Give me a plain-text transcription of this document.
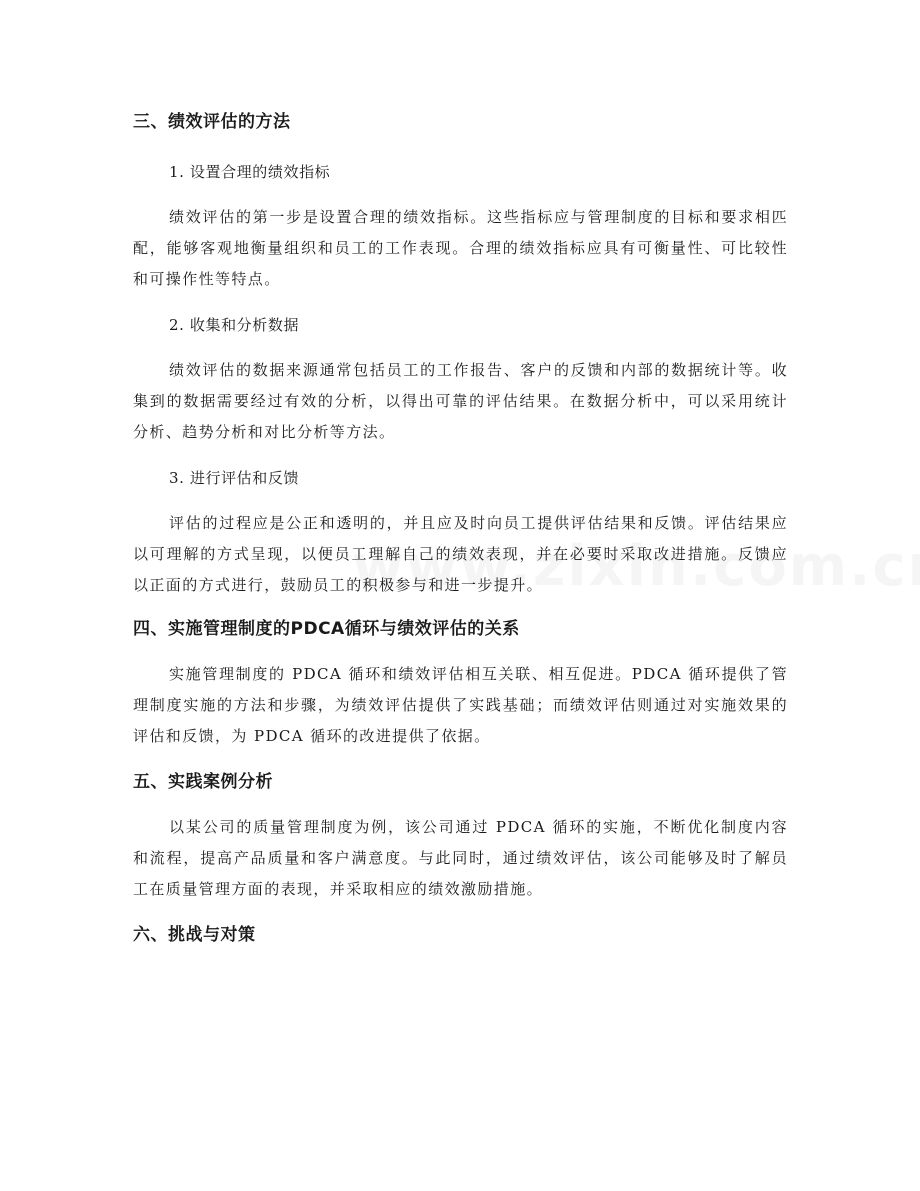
三、绩效评估的方法

1. 设置合理的绩效指标

绩效评估的第一步是设置合理的绩效指标。这些指标应与管理制度的目标和要求相匹配，能够客观地衡量组织和员工的工作表现。合理的绩效指标应具有可衡量性、可比较性和可操作性等特点。

2. 收集和分析数据

绩效评估的数据来源通常包括员工的工作报告、客户的反馈和内部的数据统计等。收集到的数据需要经过有效的分析，以得出可靠的评估结果。在数据分析中，可以采用统计分析、趋势分析和对比分析等方法。

3. 进行评估和反馈

评估的过程应是公正和透明的，并且应及时向员工提供评估结果和反馈。评估结果应以可理解的方式呈现，以便员工理解自己的绩效表现，并在必要时采取改进措施。反馈应以正面的方式进行，鼓励员工的积极参与和进一步提升。

四、实施管理制度的PDCA循环与绩效评估的关系

实施管理制度的 PDCA 循环和绩效评估相互关联、相互促进。PDCA 循环提供了管理制度实施的方法和步骤，为绩效评估提供了实践基础；而绩效评估则通过对实施效果的评估和反馈，为 PDCA 循环的改进提供了依据。

五、实践案例分析

以某公司的质量管理制度为例，该公司通过 PDCA 循环的实施，不断优化制度内容和流程，提高产品质量和客户满意度。与此同时，通过绩效评估，该公司能够及时了解员工在质量管理方面的表现，并采取相应的绩效激励措施。

六、挑战与对策
